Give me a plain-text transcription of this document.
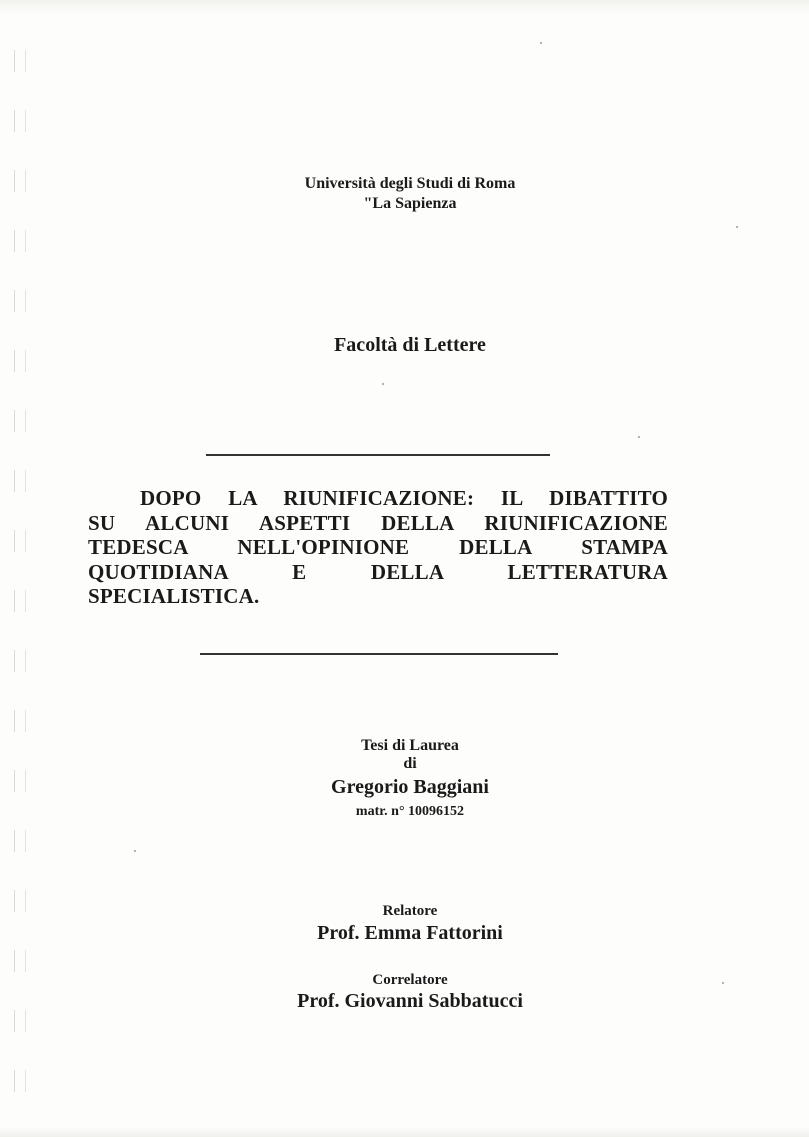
Università degli Studi di Roma
"La Sapienza
Facoltà di Lettere
DOPO LA RIUNIFICAZIONE: IL DIBATTITO
SU ALCUNI ASPETTI DELLA RIUNIFICAZIONE
TEDESCA NELL'OPINIONE DELLA STAMPA
QUOTIDIANA E DELLA LETTERATURA
SPECIALISTICA.
Tesi di Laurea
di
Gregorio Baggiani
matr. n° 10096152
Relatore
Prof. Emma Fattorini
Correlatore
Prof. Giovanni Sabbatucci
